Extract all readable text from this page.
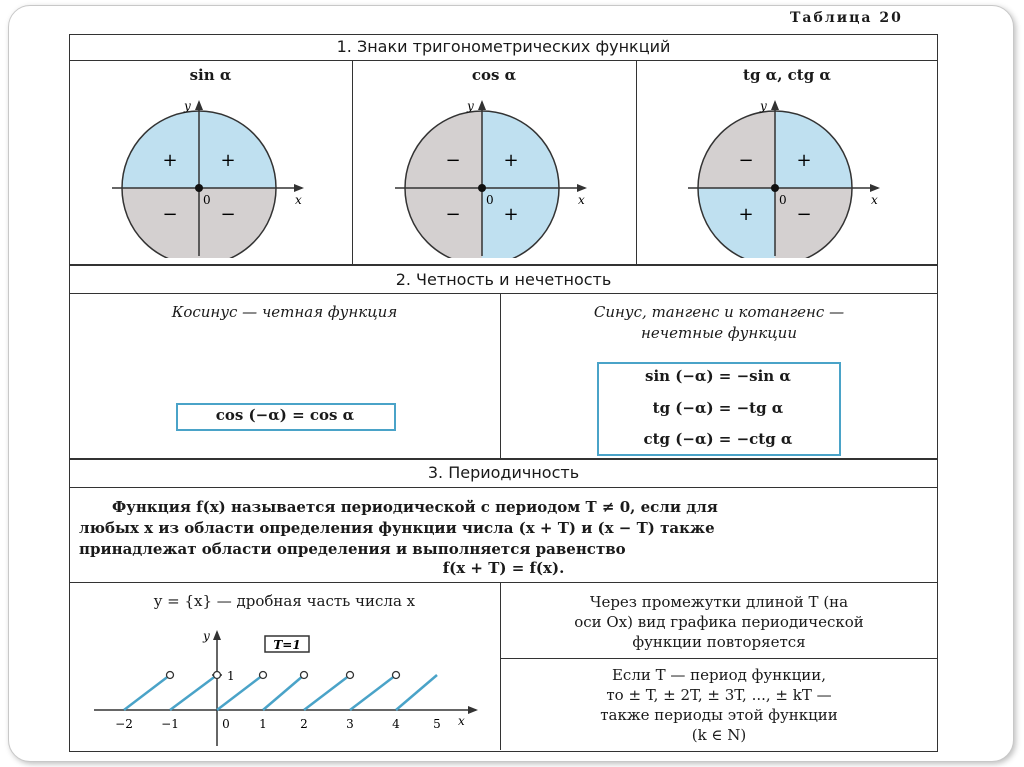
Таблица 20
1. Знаки тригонометрических функций
sin α	cos α	tg α, ctg α
+ +
− −
y
x
0
− +
− +
y
x
0
− +
+ −
y
x
0
2. Четность и нечетность
Косинус — четная функция
cos (−α) = cos α
Синус, тангенс и котангенс —
нечетные функции
sin (−α) = −sin α
tg (−α) = −tg α
ctg (−α) = −ctg α
3. Периодичность
Функция f(x) называется периодической с периодом T ≠ 0, если для
любых x из области определения функции числа (x + T) и (x − T) также
принадлежат области определения и выполняется равенство
f(x + T) = f(x).
y = {x} — дробная часть числа x
T=1
y
x
1
−2 −1	0 1	2	3	4	5
Через промежутки длиной T (на
оси Ox) вид графика периодической
функции повторяется
Если T — период функции,
то ± T, ± 2T, ± 3T, ..., ± kT —
также периоды этой функции
(k ∈ N)
